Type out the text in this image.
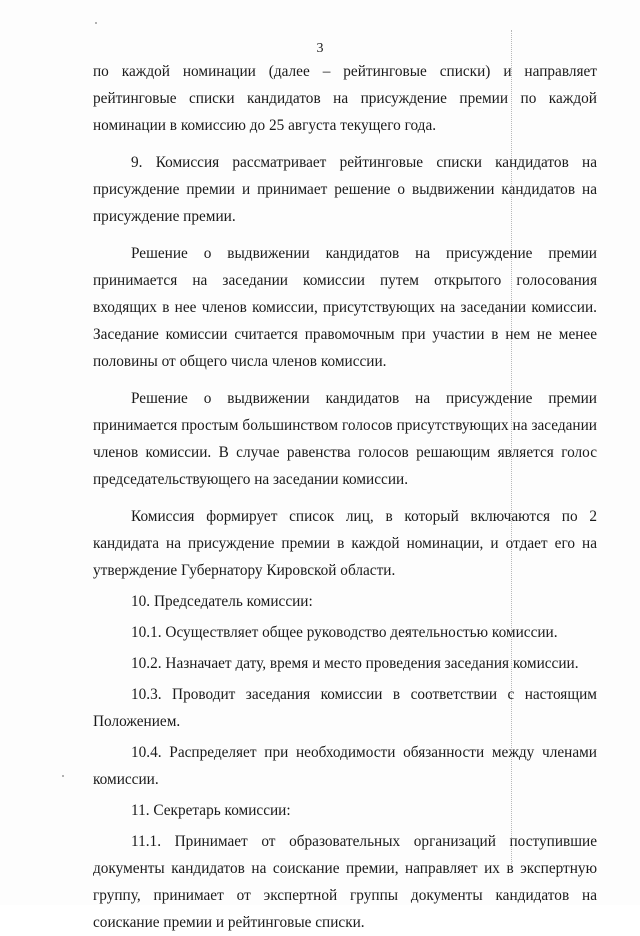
3

по каждой номинации (далее – рейтинговые списки) и направляет рейтинговые списки кандидатов на присуждение премии по каждой номинации в комиссию до 25 августа текущего года.

9. Комиссия рассматривает рейтинговые списки кандидатов на присуждение премии и принимает решение о выдвижении кандидатов на присуждение премии.

Решение о выдвижении кандидатов на присуждение премии принимается на заседании комиссии путем открытого голосования входящих в нее членов комиссии, присутствующих на заседании комиссии. Заседание комиссии считается правомочным при участии в нем не менее половины от общего числа членов комиссии.

Решение о выдвижении кандидатов на присуждение премии принимается простым большинством голосов присутствующих на заседании членов комиссии. В случае равенства голосов решающим является голос председательствующего на заседании комиссии.

Комиссия формирует список лиц, в который включаются по 2 кандидата на присуждение премии в каждой номинации, и отдает его на утверждение Губернатору Кировской области.

10. Председатель комиссии:

10.1. Осуществляет общее руководство деятельностью комиссии.

10.2. Назначает дату, время и место проведения заседания комиссии.

10.3. Проводит заседания комиссии в соответствии с настоящим Положением.

10.4. Распределяет при необходимости обязанности между членами комиссии.

11. Секретарь комиссии:

11.1. Принимает от образовательных организаций поступившие документы кандидатов на соискание премии, направляет их в экспертную группу, принимает от экспертной группы документы кандидатов на соискание премии и рейтинговые списки.
